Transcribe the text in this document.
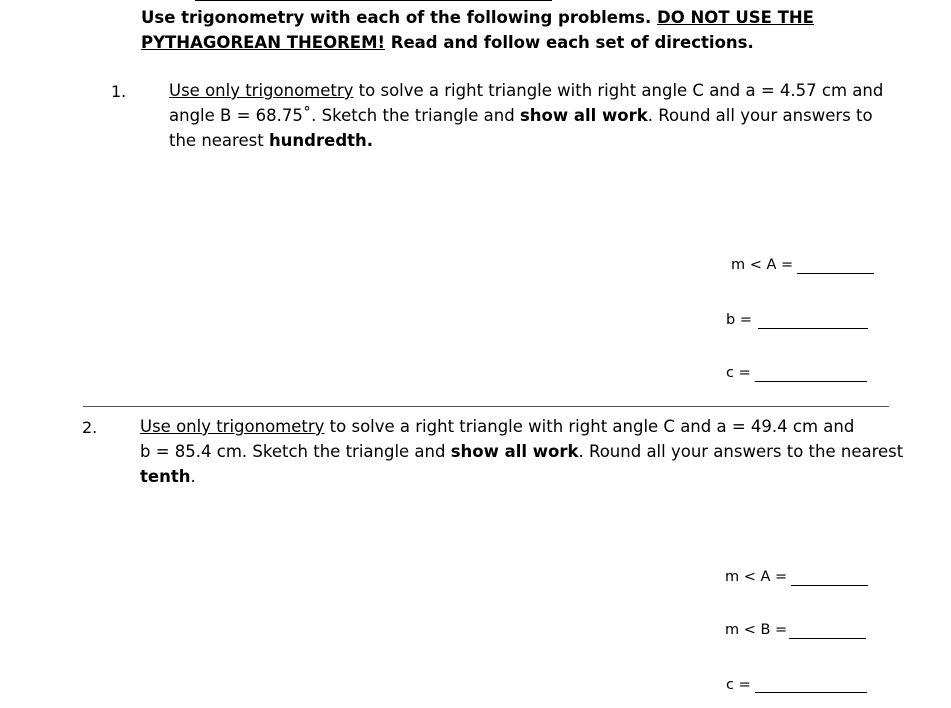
Use trigonometry with each of the following problems. DO NOT USE THE
PYTHAGOREAN THEOREM! Read and follow each set of directions.
1.	Use only trigonometry to solve a right triangle with right angle C and a = 4.57 cm and
angle B = 68.75˚. Sketch the triangle and show all work. Round all your answers to
the nearest hundredth.
m < A =
b =
c =
2.	Use only trigonometry to solve a right triangle with right angle C and a = 49.4 cm and
b = 85.4 cm. Sketch the triangle and show all work. Round all your answers to the nearest
tenth.
m < A =
m < B =
c =
